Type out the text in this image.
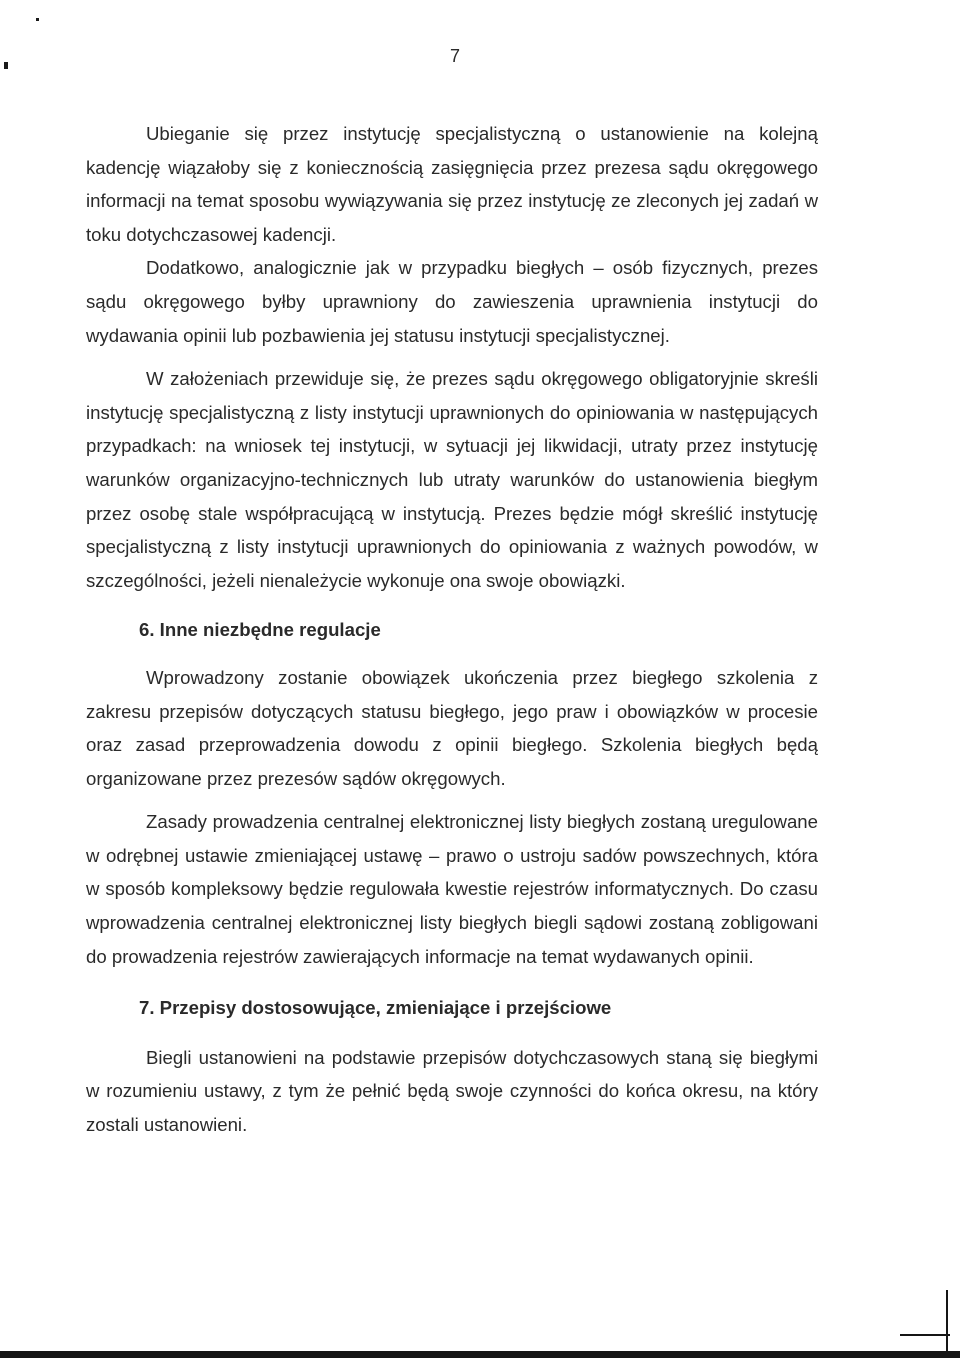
7

Ubieganie się przez instytucję specjalistyczną o ustanowienie na kolejną kadencję wiązałoby się z koniecznością zasięgnięcia przez prezesa sądu okręgowego informacji na temat sposobu wywiązywania się przez instytucję ze zleconych jej zadań w toku dotychczasowej kadencji.

Dodatkowo, analogicznie jak w przypadku biegłych – osób fizycznych, prezes sądu okręgowego byłby uprawniony do zawieszenia uprawnienia instytucji do wydawania opinii lub pozbawienia jej statusu instytucji specjalistycznej.

W założeniach przewiduje się, że prezes sądu okręgowego obligatoryjnie skreśli instytucję specjalistyczną z listy instytucji uprawnionych do opiniowania w następujących przypadkach: na wniosek tej instytucji, w sytuacji jej likwidacji, utraty przez instytucję warunków organizacyjno-technicznych lub utraty warunków do ustanowienia biegłym przez osobę stale współpracującą w instytucją. Prezes będzie mógł skreślić instytucję specjalistyczną z listy instytucji uprawnionych do opiniowania z ważnych powodów, w szczególności, jeżeli nienależycie wykonuje ona swoje obowiązki.

6. Inne niezbędne regulacje

Wprowadzony zostanie obowiązek ukończenia przez biegłego szkolenia z zakresu przepisów dotyczących statusu biegłego, jego praw i obowiązków w procesie oraz zasad przeprowadzenia dowodu z opinii biegłego. Szkolenia biegłych będą organizowane przez prezesów sądów okręgowych.

Zasady prowadzenia centralnej elektronicznej listy biegłych zostaną uregulowane w odrębnej ustawie zmieniającej ustawę – prawo o ustroju sadów powszechnych, która w sposób kompleksowy będzie regulowała kwestie rejestrów informatycznych. Do czasu wprowadzenia centralnej elektronicznej listy biegłych biegli sądowi zostaną zobligowani do prowadzenia rejestrów zawierających informacje na temat wydawanych opinii.

7. Przepisy dostosowujące, zmieniające i przejściowe

Biegli ustanowieni na podstawie przepisów dotychczasowych staną się biegłymi w rozumieniu ustawy, z tym że pełnić będą swoje czynności do końca okresu, na który zostali ustanowieni.
